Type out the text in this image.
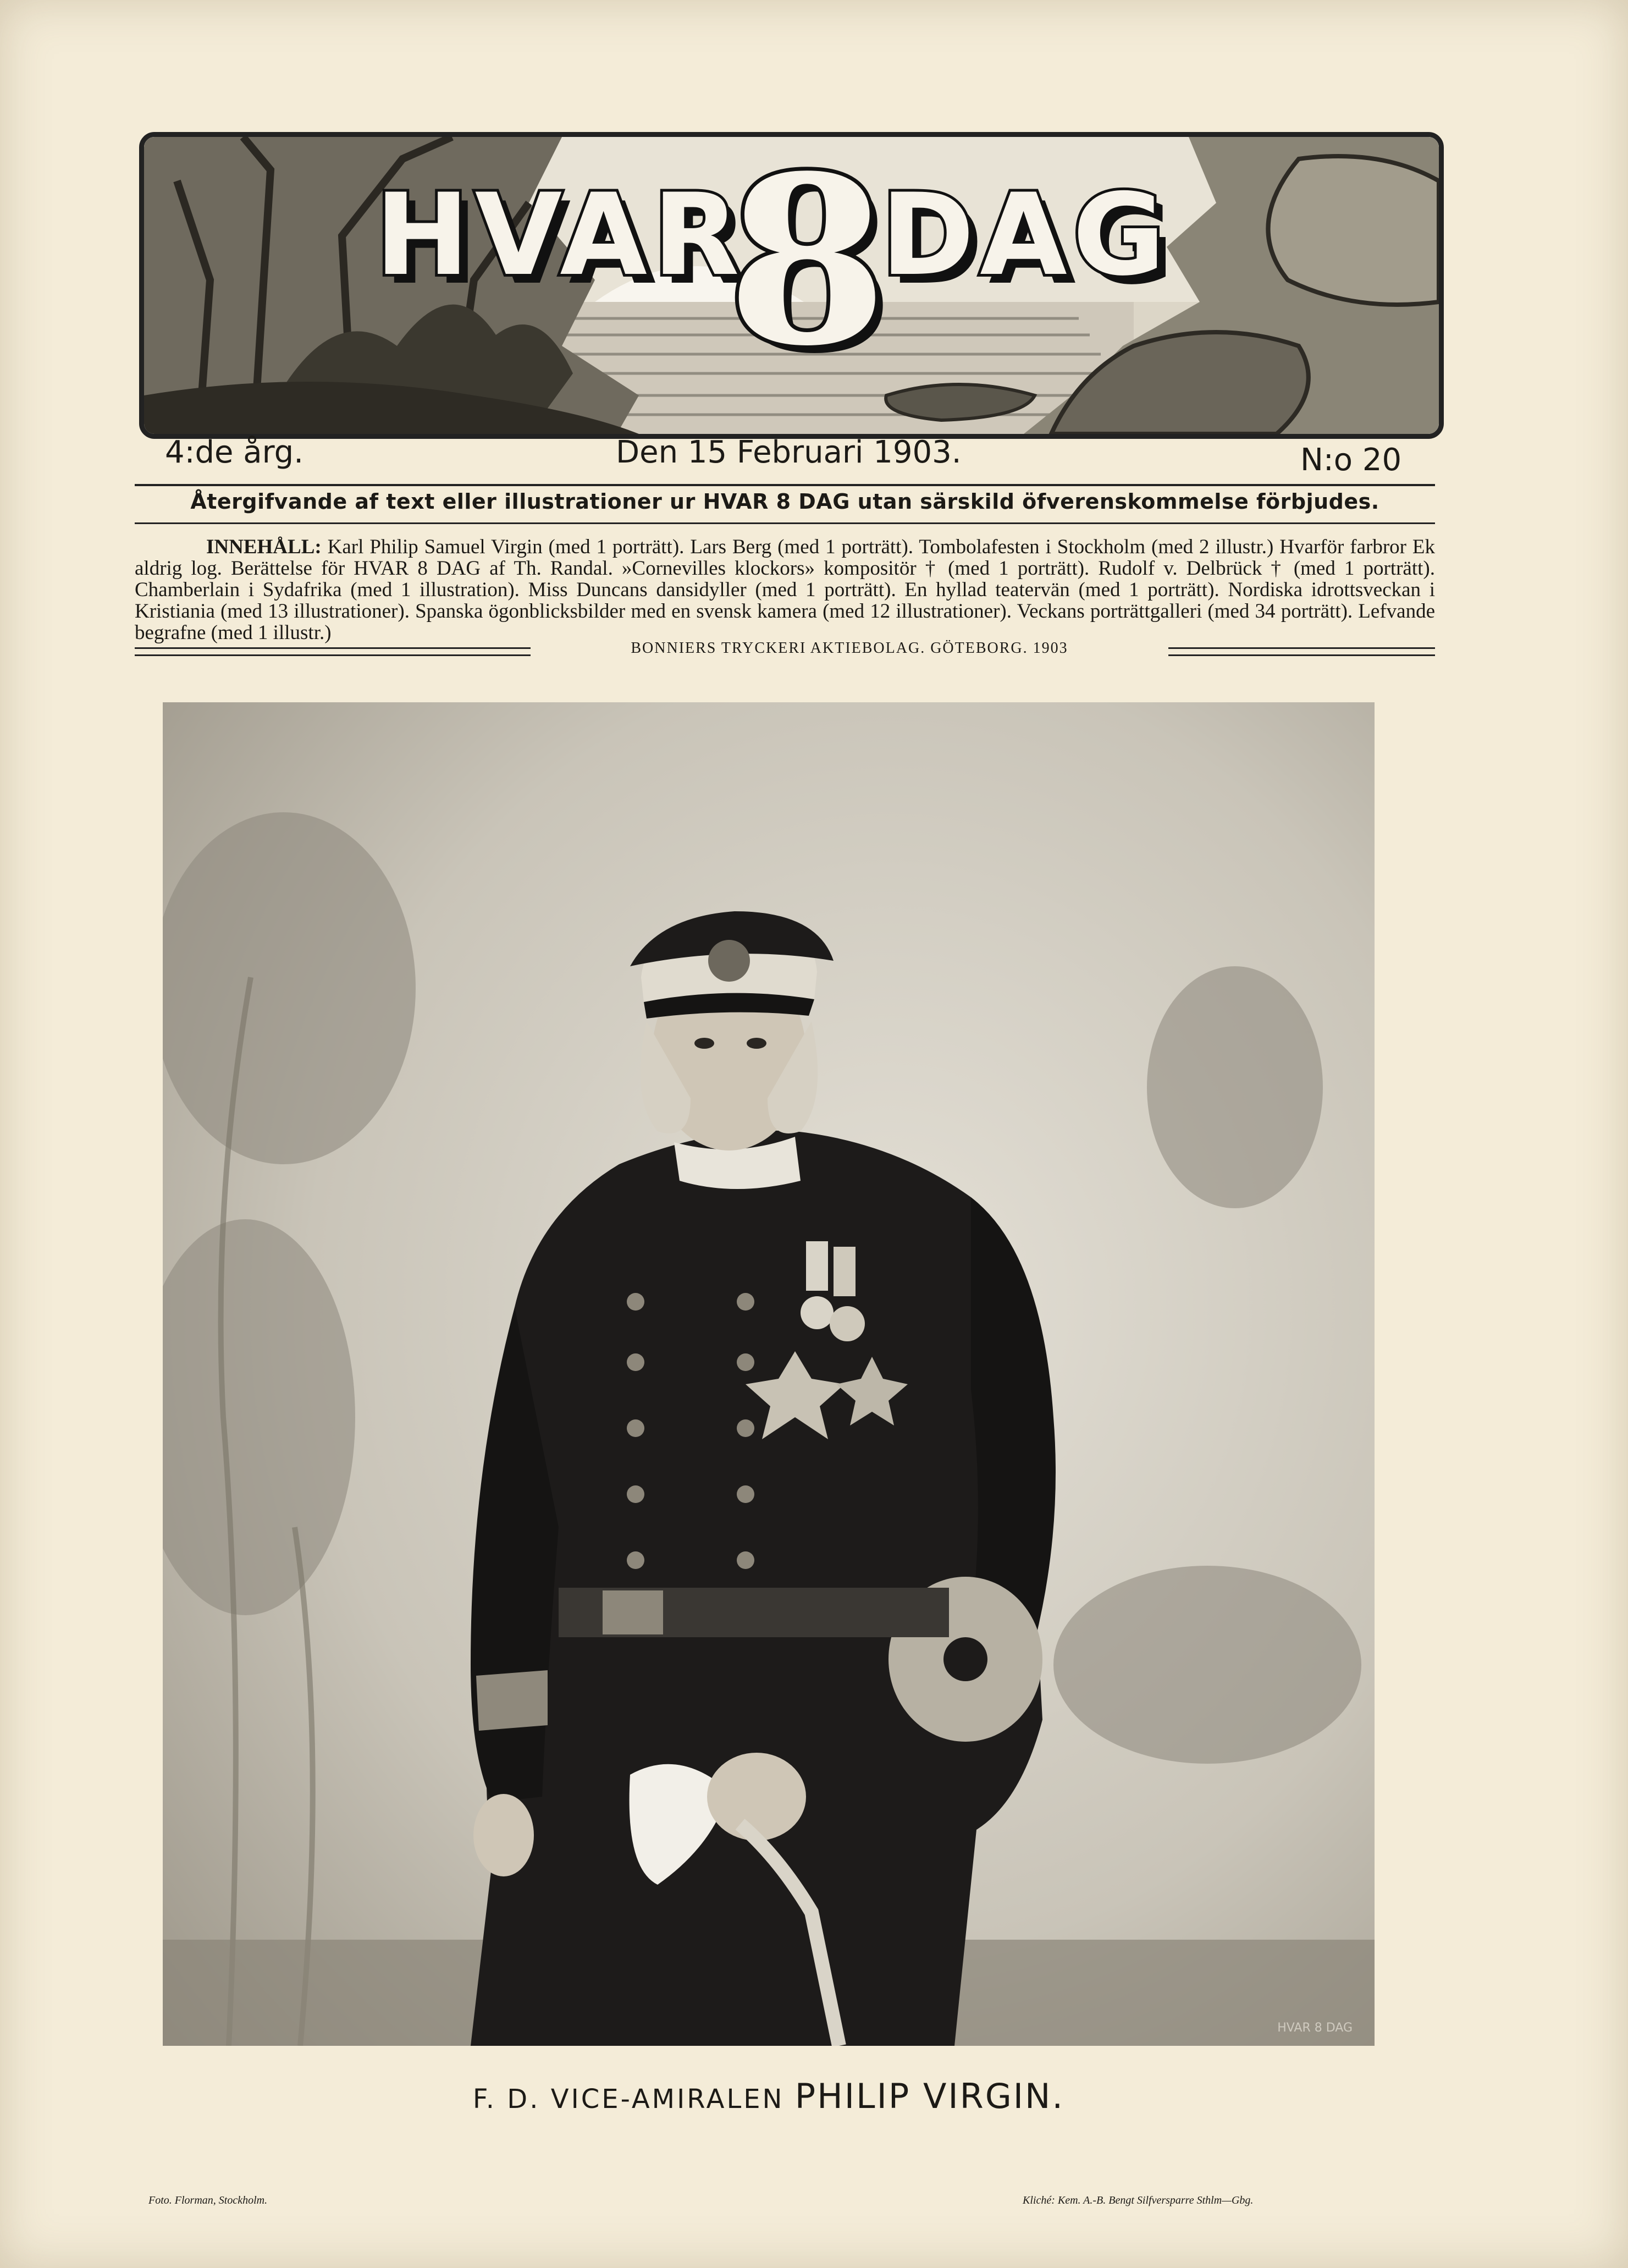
HVAR
8
DAG
4:de årg.	Den 15 Februari 1903.	N:o 20
Återgifvande af text eller illustrationer ur HVAR 8 DAG utan särskild öfverenskommelse förbjudes.
INNEHÅLL: Karl Philip Samuel Virgin (med 1 porträtt). Lars Berg (med 1 porträtt). Tombolafesten i Stockholm (med 2 illustr.) Hvarför farbror Ek aldrig log. Berättelse för HVAR 8 DAG af Th. Randal. »Cornevilles klockors» kompositör † (med 1 porträtt). Rudolf v. Delbrück † (med 1 porträtt). Chamberlain i Sydafrika (med 1 illustration). Miss Duncans dansidyller (med 1 porträtt). En hyllad teatervän (med 1 porträtt). Nordiska idrottsveckan i Kristiania (med 13 illustrationer). Spanska ögonblicksbilder med en svensk kamera (med 12 illustrationer). Veckans porträttgalleri (med 34 porträtt). Lefvande begrafne (med 1 illustr.)
BONNIERS TRYCKERI AKTIEBOLAG. GÖTEBORG. 1903
HVAR 8 DAG
F. D. VICE-AMIRALEN PHILIP VIRGIN.
Foto. Florman, Stockholm.	Kliché: Kem. A.-B. Bengt Silfversparre Sthlm—Gbg.
